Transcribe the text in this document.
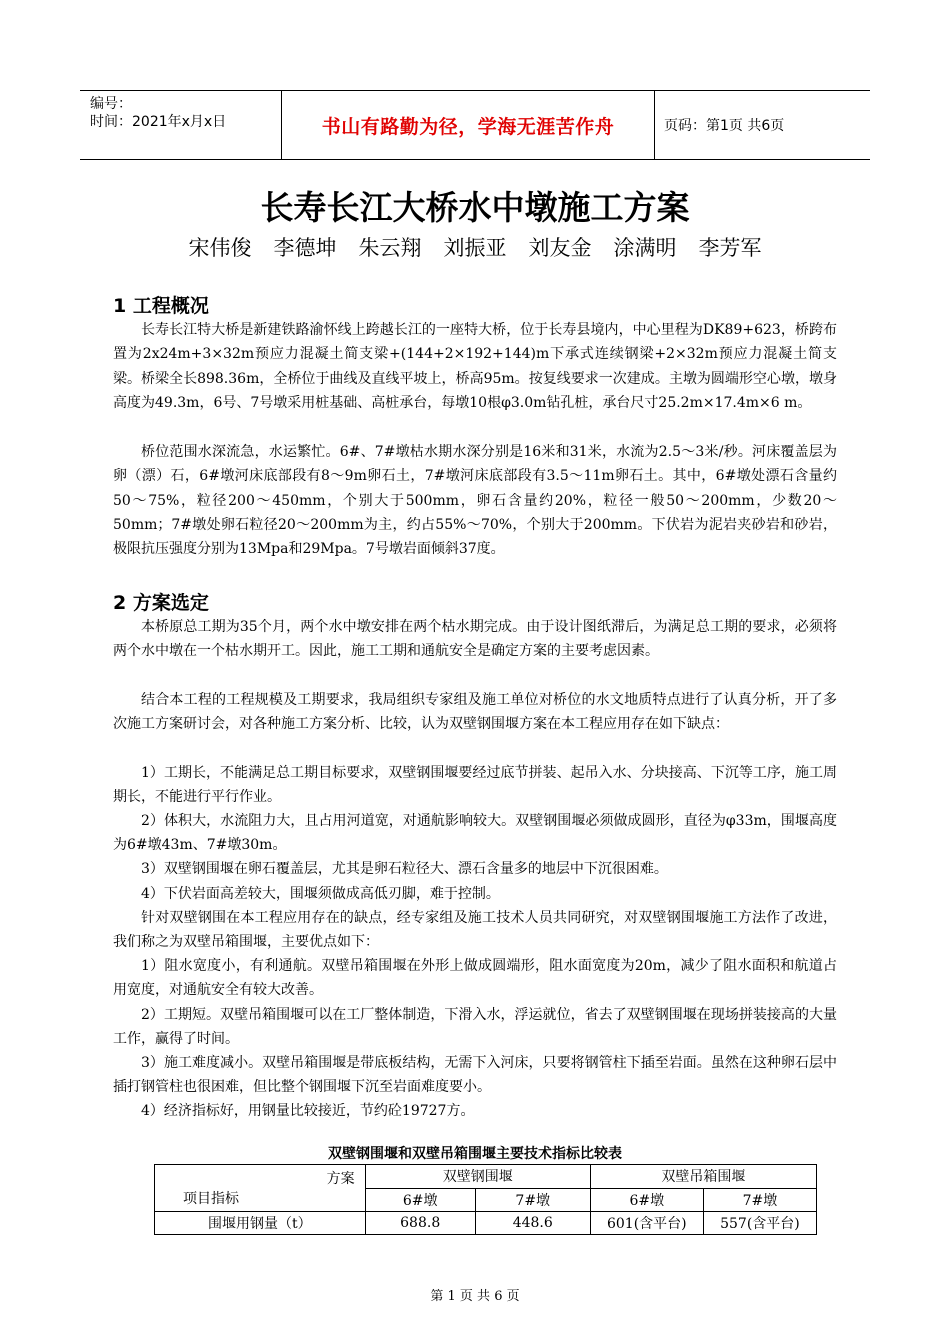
编号：
时间：2021年x月x日	书山有路勤为径，学海无涯苦作舟	页码：第1页 共6页
长寿长江大桥水中墩施工方案
宋伟俊 李德坤 朱云翔 刘振亚 刘友金 涂满明 李芳军
1 工程概况

长寿长江特大桥是新建铁路渝怀线上跨越长江的一座特大桥，位于长寿县境内，中心里程为DK89+623，桥跨布置为2x24m+3×32m预应力混凝土简支梁+(144+2×192+144)m下承式连续钢梁+2×32m预应力混凝土简支梁。桥梁全长898.36m，全桥位于曲线及直线平坡上，桥高95m。按复线要求一次建成。主墩为圆端形空心墩，墩身高度为49.3m，6号、7号墩采用桩基础、高桩承台，每墩10根φ3.0m钻孔桩，承台尺寸25.2m×17.4m×6 m。

桥位范围水深流急，水运繁忙。6#、7#墩枯水期水深分别是16米和31米，水流为2.5～3米/秒。河床覆盖层为卵（漂）石，6#墩河床底部段有8～9m卵石土，7#墩河床底部段有3.5～11m卵石土。其中，6#墩处漂石含量约50～75%，粒径200～450mm，个别大于500mm，卵石含量约20%，粒径一般50～200mm，少数20～50mm；7#墩处卵石粒径20～200mm为主，约占55%～70%，个别大于200mm。下伏岩为泥岩夹砂岩和砂岩，极限抗压强度分别为13Mpa和29Mpa。7号墩岩面倾斜37度。

2 方案选定

本桥原总工期为35个月，两个水中墩安排在两个枯水期完成。由于设计图纸滞后，为满足总工期的要求，必须将两个水中墩在一个枯水期开工。因此，施工工期和通航安全是确定方案的主要考虑因素。

结合本工程的工程规模及工期要求，我局组织专家组及施工单位对桥位的水文地质特点进行了认真分析，开了多次施工方案研讨会，对各种施工方案分析、比较，认为双壁钢围堰方案在本工程应用存在如下缺点：

1）工期长，不能满足总工期目标要求，双壁钢围堰要经过底节拼装、起吊入水、分块接高、下沉等工序，施工周期长，不能进行平行作业。

2）体积大，水流阻力大，且占用河道宽，对通航影响较大。双壁钢围堰必须做成圆形，直径为φ33m，围堰高度为6#墩43m、7#墩30m。

3）双壁钢围堰在卵石覆盖层，尤其是卵石粒径大、漂石含量多的地层中下沉很困难。

4）下伏岩面高差较大，围堰须做成高低刃脚，难于控制。

针对双壁钢围在本工程应用存在的缺点，经专家组及施工技术人员共同研究，对双壁钢围堰施工方法作了改进，我们称之为双壁吊箱围堰，主要优点如下：

1）阻水宽度小，有利通航。双壁吊箱围堰在外形上做成圆端形，阻水面宽度为20m，减少了阻水面积和航道占用宽度，对通航安全有较大改善。

2）工期短。双壁吊箱围堰可以在工厂整体制造，下滑入水，浮运就位，省去了双壁钢围堰在现场拼装接高的大量工作，赢得了时间。

3）施工难度减小。双壁吊箱围堰是带底板结构，无需下入河床，只要将钢管柱下插至岩面。虽然在这种卵石层中插打钢管柱也很困难，但比整个钢围堰下沉至岩面难度要小。

4）经济指标好，用钢量比较接近，节约砼19727方。

双壁钢围堰和双壁吊箱围堰主要技术指标比较表
方案
项目指标	双壁钢围堰		双壁吊箱围堰	
	6#墩	7#墩	6#墩	7#墩
围堰用钢量（t）	688.8	448.6	601(含平台)	557(含平台)
第 1 页 共 6 页
